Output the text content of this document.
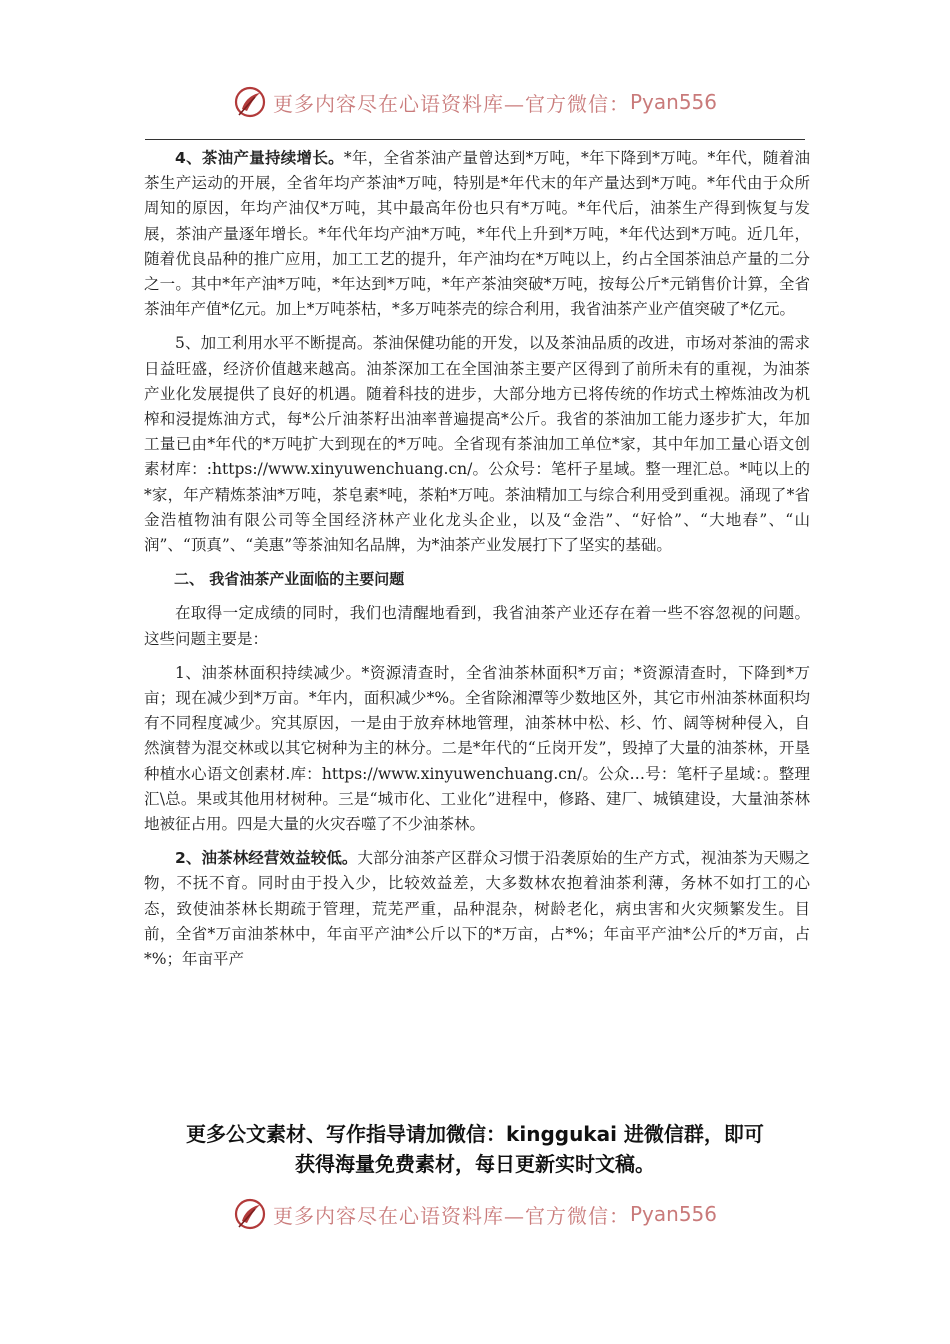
更多内容尽在心语资料库—官方微信： Pyan556

4、茶油产量持续增长。*年，全省茶油产量曾达到*万吨，*年下降到*万吨。*年代，随着油茶生产运动的开展，全省年均产茶油*万吨，特别是*年代末的年产量达到*万吨。*年代由于众所周知的原因，年均产油仅*万吨，其中最高年份也只有*万吨。*年代后，油茶生产得到恢复与发展，茶油产量逐年增长。*年代年均产油*万吨，*年代上升到*万吨，*年代达到*万吨。近几年，随着优良品种的推广应用，加工工艺的提升，年产油均在*万吨以上，约占全国茶油总产量的二分之一。其中*年产油*万吨，*年达到*万吨，*年产茶油突破*万吨，按每公斤*元销售价计算，全省茶油年产值*亿元。加上*万吨茶枯，*多万吨茶壳的综合利用，我省油茶产业产值突破了*亿元。

5、加工利用水平不断提高。茶油保健功能的开发，以及茶油品质的改进，市场对茶油的需求日益旺盛，经济价值越来越高。油茶深加工在全国油茶主要产区得到了前所未有的重视，为油茶产业化发展提供了良好的机遇。随着科技的进步，大部分地方已将传统的作坊式土榨炼油改为机榨和浸提炼油方式，每*公斤油茶籽出油率普遍提高*公斤。我省的茶油加工能力逐步扩大，年加工量已由*年代的*万吨扩大到现在的*万吨。全省现有茶油加工单位*家，其中年加工量心语文创素材库：:https://www.xinyuwenchuang.cn/。公众号：笔杆子星域。整一理汇总。*吨以上的*家，年产精炼茶油*万吨，茶皂素*吨，茶粕*万吨。茶油精加工与综合利用受到重视。涌现了*省金浩植物油有限公司等全国经济林产业化龙头企业，以及“金浩”、“好恰”、“大地春”、“山润”、“顶真”、“美惠”等茶油知名品牌，为*油茶产业发展打下了坚实的基础。

二、 我省油茶产业面临的主要问题

在取得一定成绩的同时，我们也清醒地看到，我省油茶产业还存在着一些不容忽视的问题。这些问题主要是：

1、油茶林面积持续减少。*资源清查时，全省油茶林面积*万亩；*资源清查时，下降到*万亩；现在减少到*万亩。*年内，面积减少*%。全省除湘潭等少数地区外，其它市州油茶林面积均有不同程度减少。究其原因，一是由于放弃林地管理，油茶林中松、杉、竹、阔等树种侵入，自然演替为混交林或以其它树种为主的林分。二是*年代的“丘岗开发”，毁掉了大量的油茶林，开垦种植水心语文创素材.库：https://www.xinyuwenchuang.cn/。公众…号：笔杆子星域：。整理汇\总。果或其他用材树种。三是“城市化、工业化”进程中，修路、建厂、城镇建设，大量油茶林地被征占用。四是大量的火灾吞噬了不少油茶林。

2、油茶林经营效益较低。大部分油茶产区群众习惯于沿袭原始的生产方式，视油茶为天赐之物，不抚不育。同时由于投入少，比较效益差，大多数林农抱着油茶利薄，务林不如打工的心态，致使油茶林长期疏于管理，荒芜严重，品种混杂，树龄老化，病虫害和火灾频繁发生。目前，全省*万亩油茶林中，年亩平产油*公斤以下的*万亩，占*%；年亩平产油*公斤的*万亩，占*%；年亩平产

更多公文素材、写作指导请加微信：kinggukai 进微信群，即可
获得海量免费素材，每日更新实时文稿。
更多内容尽在心语资料库—官方微信： Pyan556
